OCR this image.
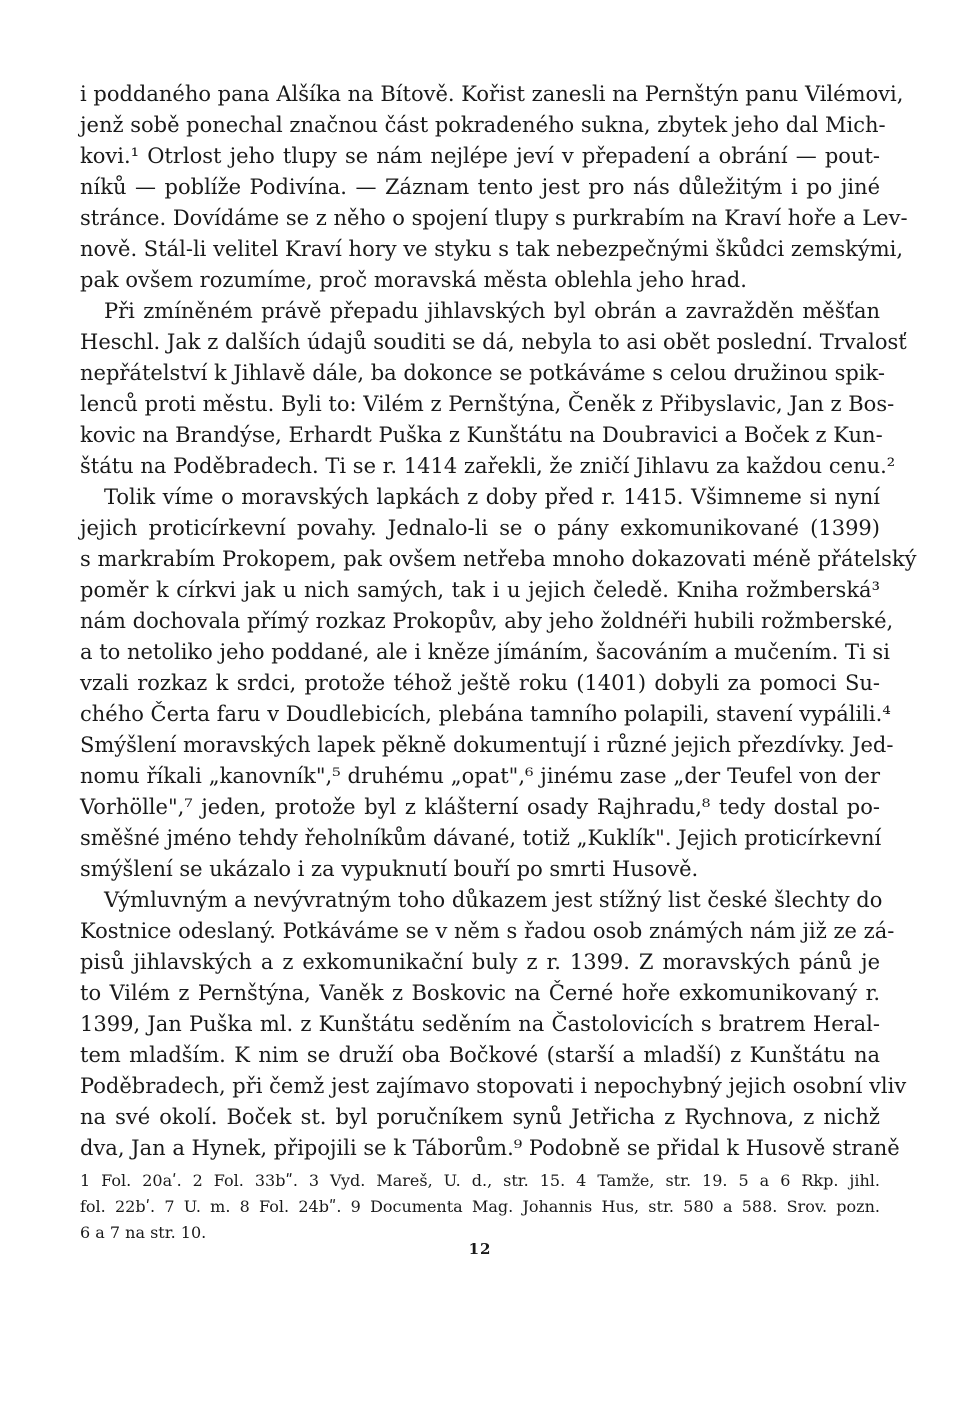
i poddaného pana Alšíka na Bítově. Kořist zanesli na Pernštýn panu Vilémovi,
jenž sobě ponechal značnou část pokradeného sukna, zbytek jeho dal Mich-
kovi.¹ Otrlost jeho tlupy se nám nejlépe jeví v přepadení a obrání — pout-
níků — poblíže Podivína. — Záznam tento jest pro nás důležitým i po jiné
stránce. Dovídáme se z něho o spojení tlupy s purkrabím na Kraví hoře a Lev-
nově. Stál-li velitel Kraví hory ve styku s tak nebezpečnými škůdci zemskými,
pak ovšem rozumíme, proč moravská města oblehla jeho hrad.
Při zmíněném právě přepadu jihlavských byl obrán a zavražděn měšťan
Heschl. Jak z dalších údajů souditi se dá, nebyla to asi obět poslední. Trvalosť
nepřátelství k Jihlavě dále, ba dokonce se potkáváme s celou družinou spik-
lenců proti městu. Byli to: Vilém z Pernštýna, Čeněk z Přibyslavic, Jan z Bos-
kovic na Brandýse, Erhardt Puška z Kunštátu na Doubravici a Boček z Kun-
štátu na Poděbradech. Ti se r. 1414 zařekli, že zničí Jihlavu za každou cenu.²
Tolik víme o moravských lapkách z doby před r. 1415. Všimneme si nyní
jejich proticírkevní povahy. Jednalo-li se o pány exkomunikované (1399)
s markrabím Prokopem, pak ovšem netřeba mnoho dokazovati méně přátelský
poměr k církvi jak u nich samých, tak i u jejich čeledě. Kniha rožmberská³
nám dochovala přímý rozkaz Prokopův, aby jeho žoldnéři hubili rožmberské,
a to netoliko jeho poddané, ale i kněze jímáním, šacováním a mučením. Ti si
vzali rozkaz k srdci, protože téhož ještě roku (1401) dobyli za pomoci Su-
chého Čerta faru v Doudlebicích, plebána tamního polapili, stavení vypálili.⁴
Smýšlení moravských lapek pěkně dokumentují i různé jejich přezdívky. Jed-
nomu říkali „kanovník",⁵ druhému „opat",⁶ jinému zase „der Teufel von der
Vorhölle",⁷ jeden, protože byl z klášterní osady Rajhradu,⁸ tedy dostal po-
směšné jméno tehdy řeholníkům dávané, totiž „Kuklík". Jejich proticírkevní
smýšlení se ukázalo i za vypuknutí bouří po smrti Husově.
Výmluvným a nevývratným toho důkazem jest stížný list české šlechty do
Kostnice odeslaný. Potkáváme se v něm s řadou osob známých nám již ze zá-
pisů jihlavských a z exkomunikační buly z r. 1399. Z moravských pánů je
to Vilém z Pernštýna, Vaněk z Boskovic na Černé hoře exkomunikovaný r.
1399, Jan Puška ml. z Kunštátu seděním na Častolovicích s bratrem Heral-
tem mladším. K nim se druží oba Bočkové (starší a mladší) z Kunštátu na
Poděbradech, při čemž jest zajímavo stopovati i nepochybný jejich osobní vliv
na své okolí. Boček st. byl poručníkem synů Jetřicha z Rychnova, z nichž
dva, Jan a Hynek, připojili se k Táborům.⁹ Podobně se přidal k Husově straně
1 Fol. 20aʹ. 2 Fol. 33bʺ. 3 Vyd. Mareš, U. d., str. 15. 4 Tamže, str. 19. 5 a 6 Rkp. jihl.
fol. 22bʹ. 7 U. m. 8 Fol. 24bʺ. 9 Documenta Mag. Johannis Hus, str. 580 a 588. Srov. pozn.
6 a 7 na str. 10.
12
